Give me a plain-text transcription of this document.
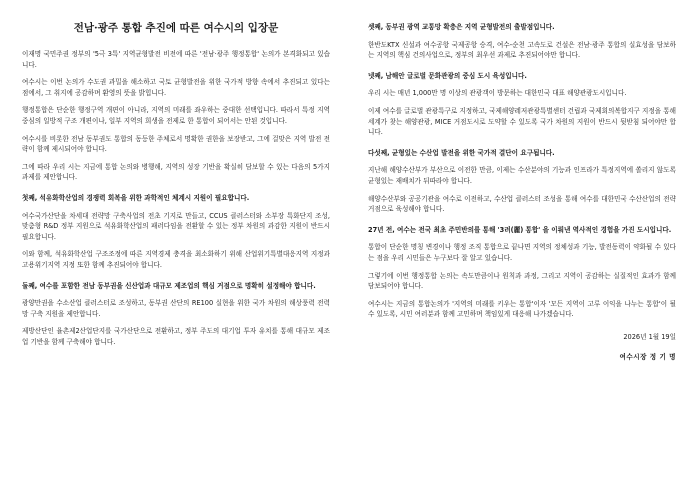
전남·광주 통합 추진에 따른 여수시의 입장문

이재명 국민주권 정부의 '5극 3특' 지역균형발전 비전에 따른 '전남·광주 행정통합' 논의가 본격화되고 있습니다.

여수시는 이번 논의가 수도권 과밀을 해소하고 국토 균형발전을 위한 국가적 방향 속에서 추진되고 있다는 점에서, 그 취지에 공감하며 환영의 뜻을 밝힙니다.

행정통합은 단순한 행정구역 개편이 아니라, 지역의 미래를 좌우하는 중대한 선택입니다. 따라서 특정 지역 중심의 일방적 구조 개편이나, 일부 지역의 희생을 전제로 한 통합이 되어서는 안된 것입니다.

여수시를 비롯한 전남 동부권도 통합의 동등한 주체로서 명확한 권한을 보장받고, 그에 걸맞은 지역 발전 전략이 함께 제시되어야 합니다.

그에 따라 우리 시는 지금에 통합 논의와 병행해, 지역의 성장 기반을 확실히 담보할 수 있는 다음의 5가지 과제를 제안합니다.

첫째, 석유화학산업의 경쟁력 회복을 위한 과학적인 체계시 지원이 필요합니다.

여수국가산단을 차세대 전략망 구축사업의 전초 기지로 만들고, CCUS 클러스터와 소부장 특화단지 조성, 맞춤형 R&D 정부 지원으로 석유화학산업의 패러다임을 전환할 수 있는 정부 차원의 과감한 지원이 반드시 필요합니다.

이와 함께, 석유화학산업 구조조정에 따른 지역경제 충격을 최소화하기 위해 산업위기특별대응지역 지정과 고용위기지역 지정 또한 함께 추진되어야 합니다.

둘째, 여수를 포함한 전남 동부권을 신산업과 대규모 제조업의 핵심 거점으로 명확히 설정해야 합니다.

광양만권을 수소산업 클러스터로 조성하고, 동부권 산단의 RE100 실현을 위한 국가 차원의 해상풍력 전력망 구축 지원을 제안합니다.

제방산단인 율촌제2산업단지를 국가산단으로 전환하고, 정부 주도의 대기업 투자 유치를 통해 대규모 제조업 기반을 함께 구축해야 합니다.

셋째, 동부권 광역 교통망 확충은 지역 균형발전의 출발점입니다.

한반도KTX 신설과 여수공항 국제공항 승격, 여수-순천 고속도로 건설은 전남·광주 통합의 실효성을 담보하는 지역의 핵심 건의사업으로, 정부의 최우선 과제로 추진되어야만 합니다.

넷째, 남해안 글로벌 문화관광의 중심 도시 육성입니다.

우리 시는 매년 1,000만 명 이상의 관광객이 방문하는 대한민국 대표 해양관광도시입니다.

이제 여수를 글로벌 관광특구로 지정하고, 국제해양레저관광특별센터 건립과 국제회의복합지구 지정을 통해 세계가 찾는 해양관광, MICE 거점도시로 도약할 수 있도록 국가 차원의 지원이 반드시 뒷받침 되어야만 합니다.

다섯째, 균형있는 수산업 발전을 위한 국가적 결단이 요구됩니다.

지난해 해양수산부가 부산으로 이전한 만큼, 이제는 수산분야의 기능과 인프라가 특정지역에 쏠리지 않도록 균형있는 재배치가 뒤따라야 합니다.

해양수산부와 공공기관을 여수로 이전하고, 수산업 클러스터 조성을 통해 여수를 대한민국 수산산업의 전략거점으로 육성해야 합니다.

27년 전, 여수는 전국 최초 주민반의를 통해 '3려(麗) 통합' 을 이뤄낸 역사적인 경험을 가진 도시입니다.

통합이 단순한 명칭 변경이나 행정 조직 통합으로 끝나면 지역의 정체성과 기능, 발전동력이 약화될 수 있다는 점을 우리 시민들은 누구보다 잘 알고 있습니다.

그렇기에 이번 행정통합 논의는 속도만큼이나 원칙과 과정, 그리고 지역이 공감하는 실질적인 효과가 함께 담보되어야 합니다.

여수시는 지금의 통합논의가 '지역의 미래를 키우는 통합'이자 '모든 지역이 고루 이익을 나누는 통합'이 될 수 있도록, 시민 여러분과 함께 고민하며 책임있게 대응해 나가겠습니다.

2026년 1월 19일
여수시장 정 기 명
